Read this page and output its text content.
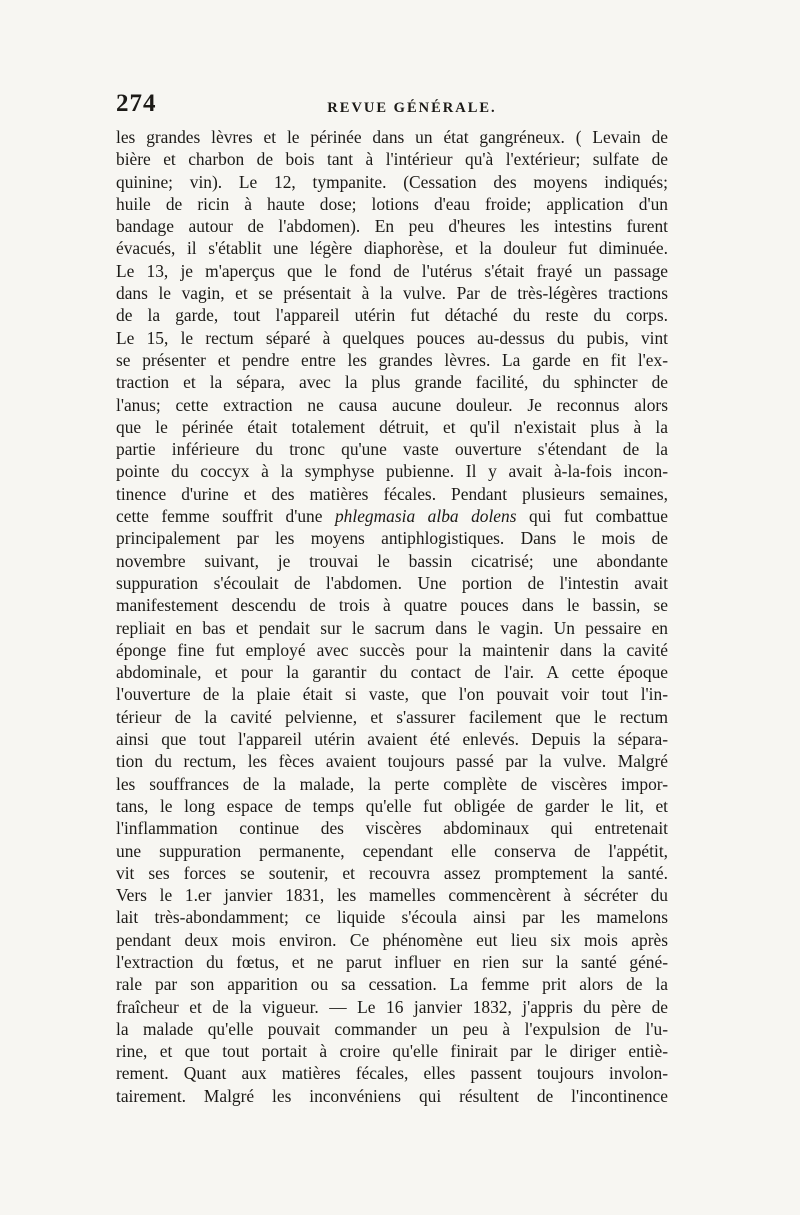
274	REVUE GÉNÉRALE.
les grandes lèvres et le périnée dans un état gangréneux. ( Levain de
bière et charbon de bois tant à l'intérieur qu'à l'extérieur; sulfate de
quinine; vin). Le 12, tympanite. (Cessation des moyens indiqués;
huile de ricin à haute dose; lotions d'eau froide; application d'un
bandage autour de l'abdomen). En peu d'heures les intestins furent
évacués, il s'établit une légère diaphorèse, et la douleur fut diminuée.
Le 13, je m'aperçus que le fond de l'utérus s'était frayé un passage
dans le vagin, et se présentait à la vulve. Par de très-légères tractions
de la garde, tout l'appareil utérin fut détaché du reste du corps.
Le 15, le rectum séparé à quelques pouces au-dessus du pubis, vint
se présenter et pendre entre les grandes lèvres. La garde en fit l'ex-
traction et la sépara, avec la plus grande facilité, du sphincter de
l'anus; cette extraction ne causa aucune douleur. Je reconnus alors
que le périnée était totalement détruit, et qu'il n'existait plus à la
partie inférieure du tronc qu'une vaste ouverture s'étendant de la
pointe du coccyx à la symphyse pubienne. Il y avait à-la-fois incon-
tinence d'urine et des matières fécales. Pendant plusieurs semaines,
cette femme souffrit d'une phlegmasia alba dolens qui fut combattue
principalement par les moyens antiphlogistiques. Dans le mois de
novembre suivant, je trouvai le bassin cicatrisé; une abondante
suppuration s'écoulait de l'abdomen. Une portion de l'intestin avait
manifestement descendu de trois à quatre pouces dans le bassin, se
repliait en bas et pendait sur le sacrum dans le vagin. Un pessaire en
éponge fine fut employé avec succès pour la maintenir dans la cavité
abdominale, et pour la garantir du contact de l'air. A cette époque
l'ouverture de la plaie était si vaste, que l'on pouvait voir tout l'in-
térieur de la cavité pelvienne, et s'assurer facilement que le rectum
ainsi que tout l'appareil utérin avaient été enlevés. Depuis la sépara-
tion du rectum, les fèces avaient toujours passé par la vulve. Malgré
les souffrances de la malade, la perte complète de viscères impor-
tans, le long espace de temps qu'elle fut obligée de garder le lit, et
l'inflammation continue des viscères abdominaux qui entretenait
une suppuration permanente, cependant elle conserva de l'appétit,
vit ses forces se soutenir, et recouvra assez promptement la santé.
Vers le 1.er janvier 1831, les mamelles commencèrent à sécréter du
lait très-abondamment; ce liquide s'écoula ainsi par les mamelons
pendant deux mois environ. Ce phénomène eut lieu six mois après
l'extraction du fœtus, et ne parut influer en rien sur la santé géné-
rale par son apparition ou sa cessation. La femme prit alors de la
fraîcheur et de la vigueur. — Le 16 janvier 1832, j'appris du père de
la malade qu'elle pouvait commander un peu à l'expulsion de l'u-
rine, et que tout portait à croire qu'elle finirait par le diriger entiè-
rement. Quant aux matières fécales, elles passent toujours involon-
tairement. Malgré les inconvéniens qui résultent de l'incontinence
